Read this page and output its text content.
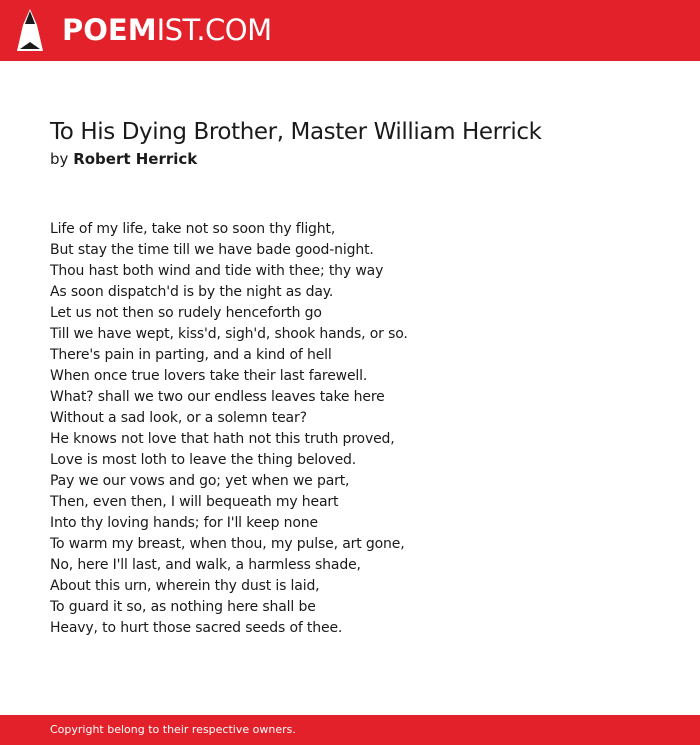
POEMIST.COM
To His Dying Brother, Master William Herrick
by Robert Herrick
Life of my life, take not so soon thy flight,
But stay the time till we have bade good-night.
Thou hast both wind and tide with thee; thy way
As soon dispatch'd is by the night as day.
Let us not then so rudely henceforth go
Till we have wept, kiss'd, sigh'd, shook hands, or so.
There's pain in parting, and a kind of hell
When once true lovers take their last farewell.
What? shall we two our endless leaves take here
Without a sad look, or a solemn tear?
He knows not love that hath not this truth proved,
Love is most loth to leave the thing beloved.
Pay we our vows and go; yet when we part,
Then, even then, I will bequeath my heart
Into thy loving hands; for I'll keep none
To warm my breast, when thou, my pulse, art gone,
No, here I'll last, and walk, a harmless shade,
About this urn, wherein thy dust is laid,
To guard it so, as nothing here shall be
Heavy, to hurt those sacred seeds of thee.
Copyright belong to their respective owners.
